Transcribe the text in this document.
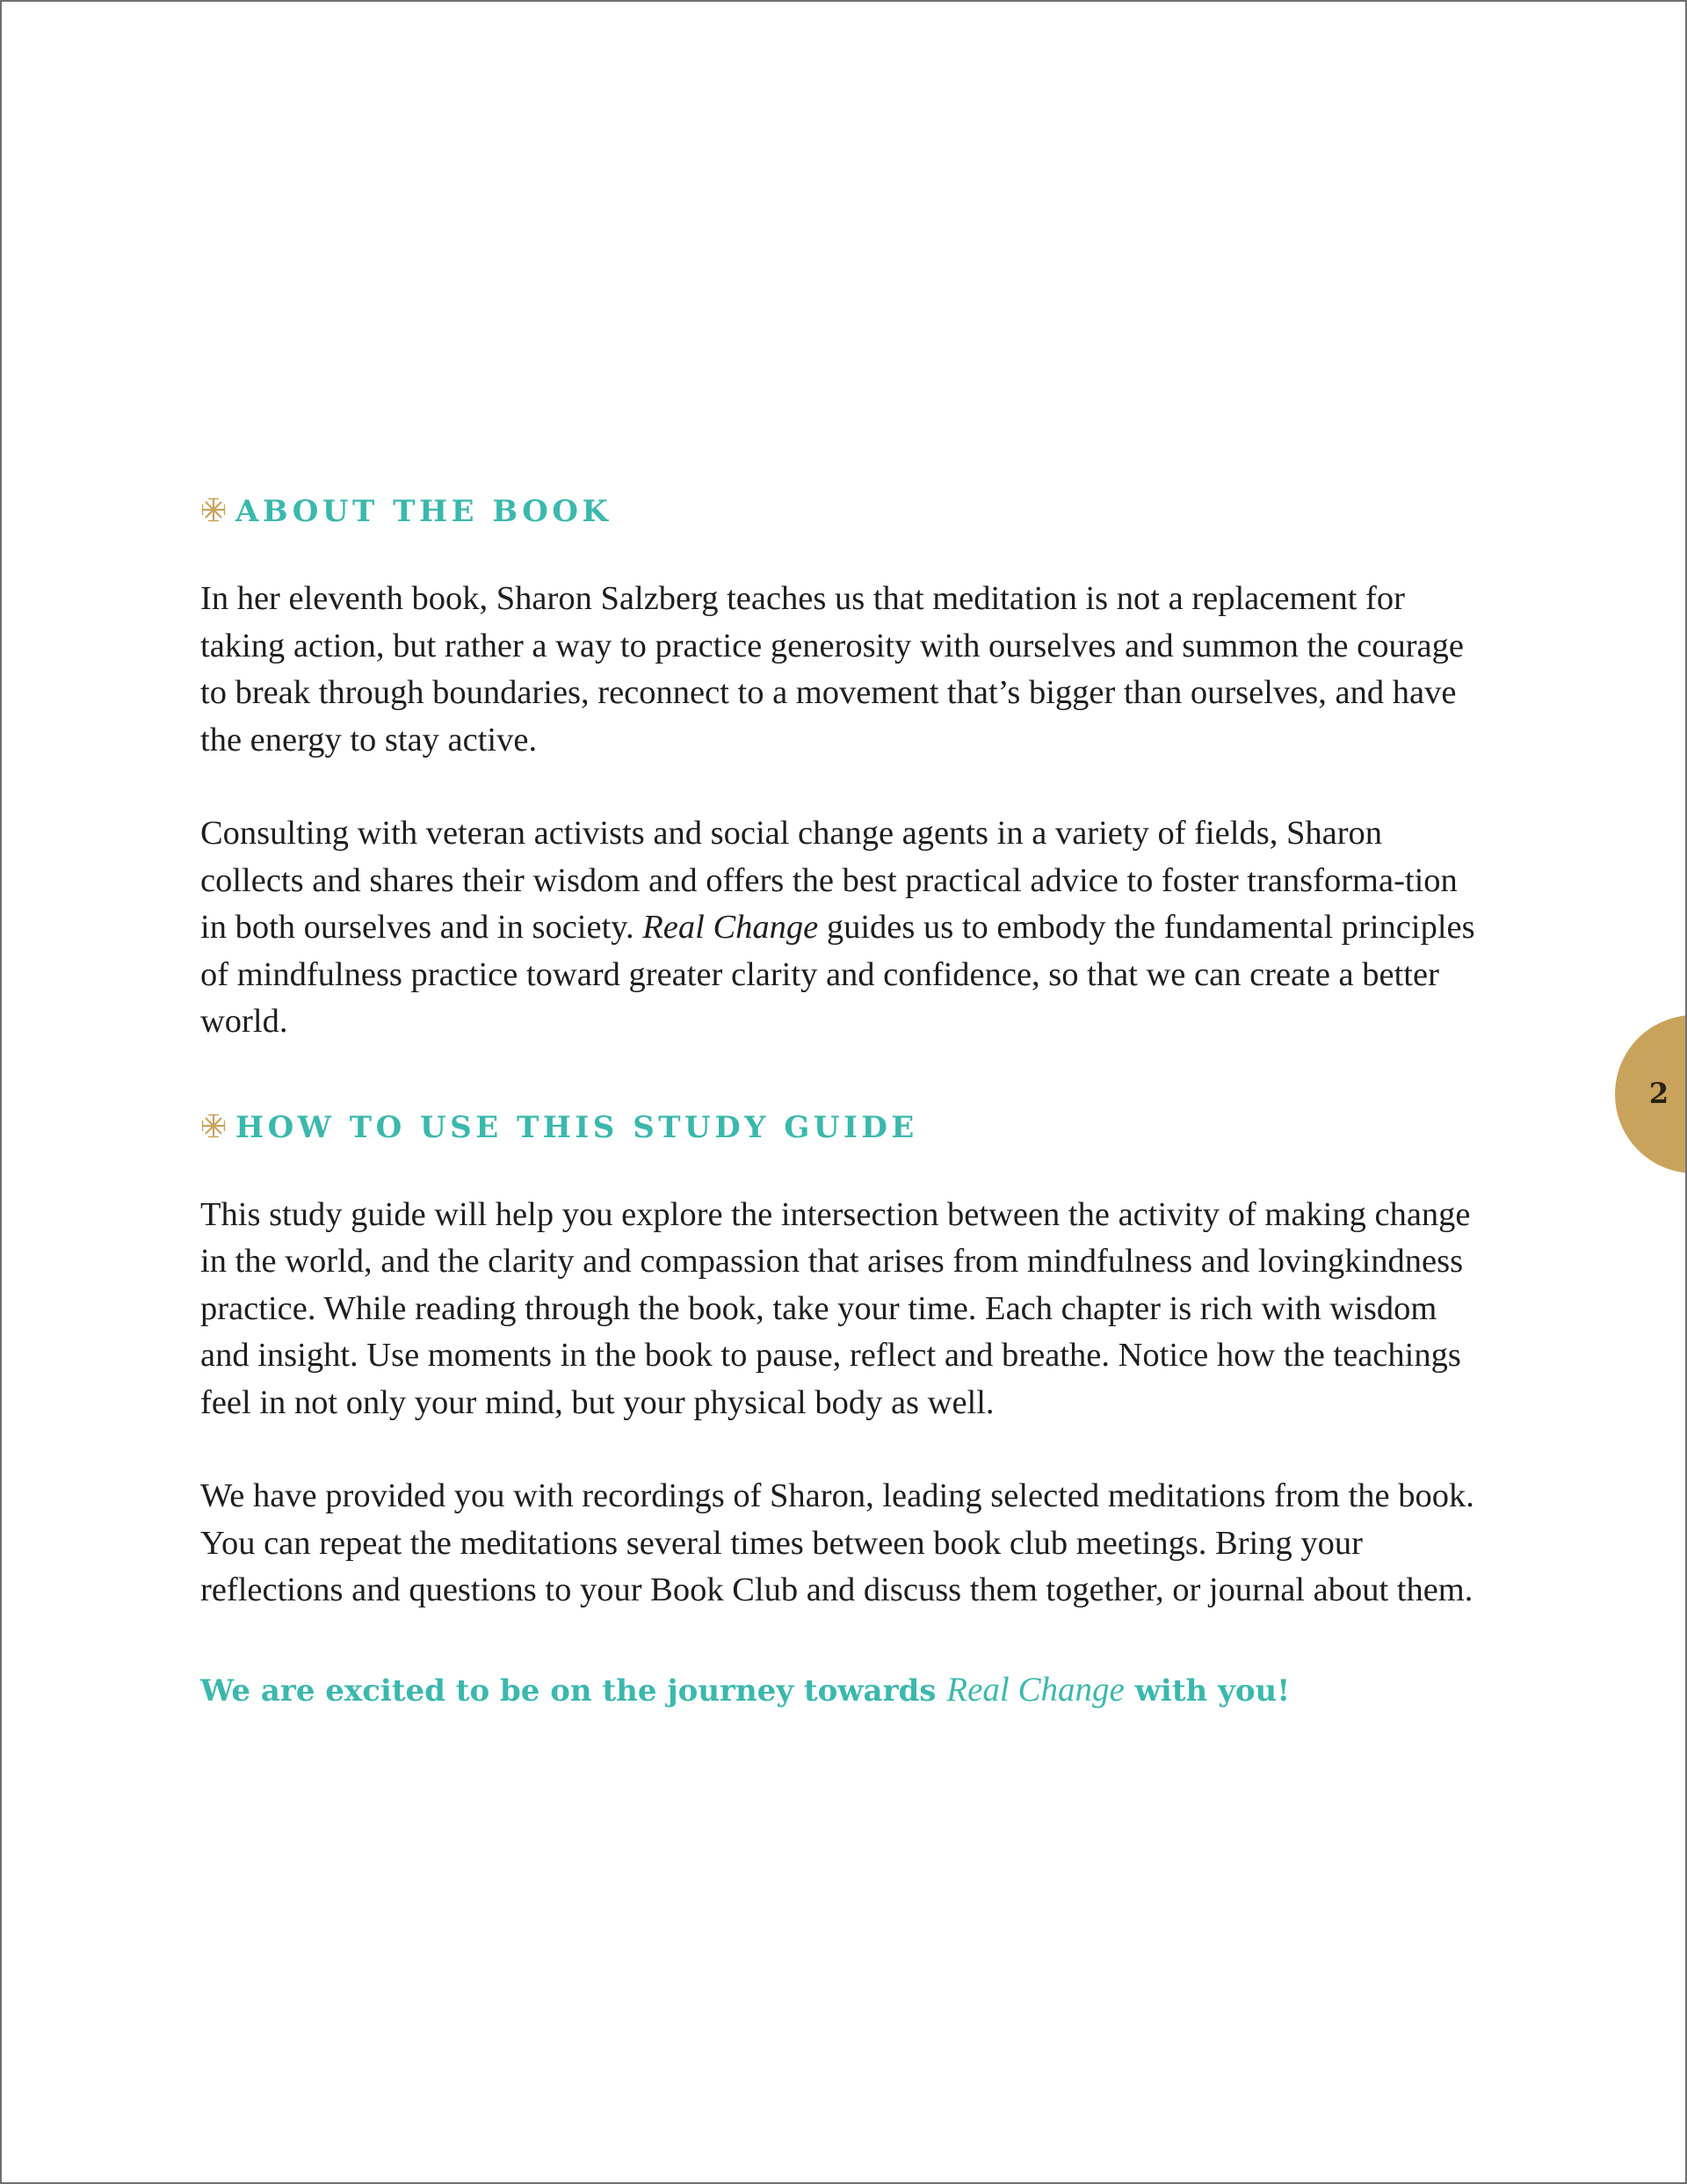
ABOUT THE BOOK

In her eleventh book, Sharon Salzberg teaches us that meditation is not a replacement for taking action, but rather a way to practice generosity with ourselves and summon the courage to break through boundaries, reconnect to a movement that’s bigger than ourselves, and have the energy to stay active.

Consulting with veteran activists and social change agents in a variety of fields, Sharon collects and shares their wisdom and offers the best practical advice to foster transforma-tion in both ourselves and in society. Real Change guides us to embody the fundamental principles of mindfulness practice toward greater clarity and confidence, so that we can create a better world.

HOW TO USE THIS STUDY GUIDE

This study guide will help you explore the intersection between the activity of making change in the world, and the clarity and compassion that arises from mindfulness and lovingkindness practice. While reading through the book, take your time. Each chapter is rich with wisdom and insight. Use moments in the book to pause, reflect and breathe. Notice how the teachings feel in not only your mind, but your physical body as well.

We have provided you with recordings of Sharon, leading selected meditations from the book. You can repeat the meditations several times between book club meetings. Bring your reflections and questions to your Book Club and discuss them together, or journal about them.

We are excited to be on the journey towards Real Change with you!

2
